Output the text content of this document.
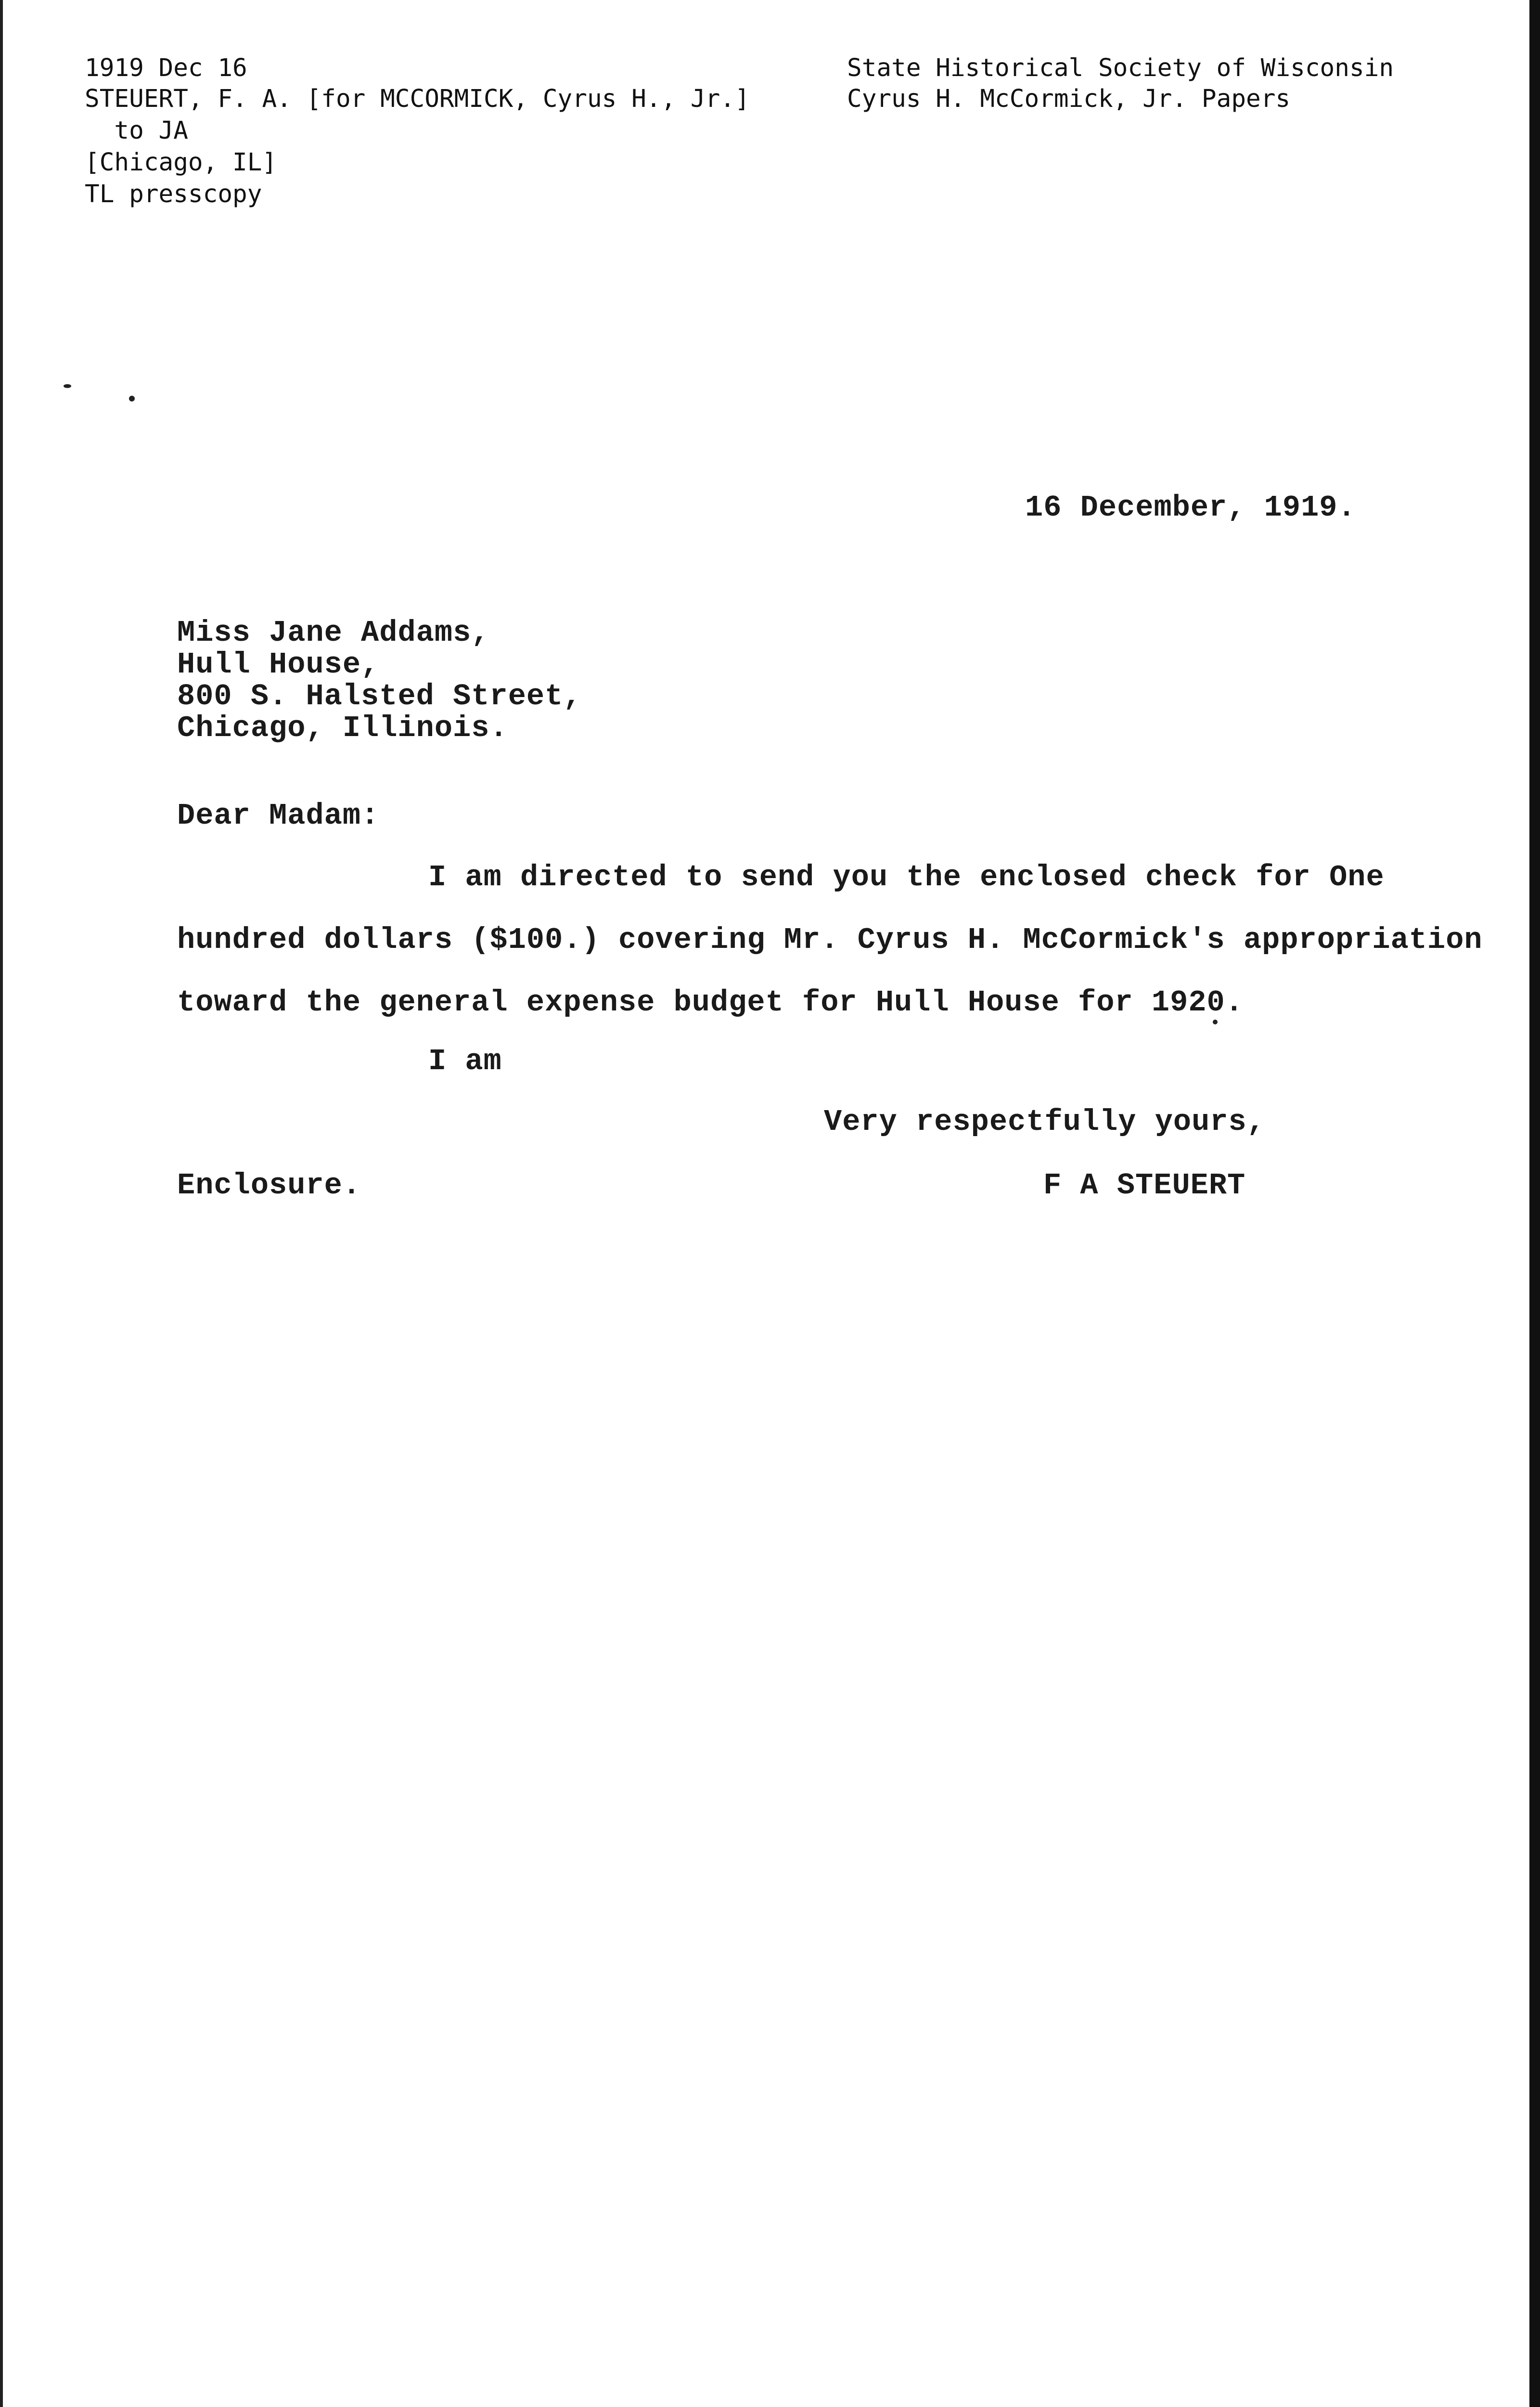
1919 Dec 16
STEUERT, F. A. [for MCCORMICK, Cyrus H., Jr.]
to JA
[Chicago, IL]
TL presscopy
State Historical Society of Wisconsin
Cyrus H. McCormick, Jr. Papers
16 December, 1919.
Miss Jane Addams,
Hull House,
800 S. Halsted Street,
Chicago, Illinois.
Dear Madam:
I am directed to send you the enclosed check for One
hundred dollars ($100.) covering Mr. Cyrus H. McCormick's appropriation
toward the general expense budget for Hull House for 1920.
I am
Very respectfully yours,
Enclosure.	F A STEUERT
